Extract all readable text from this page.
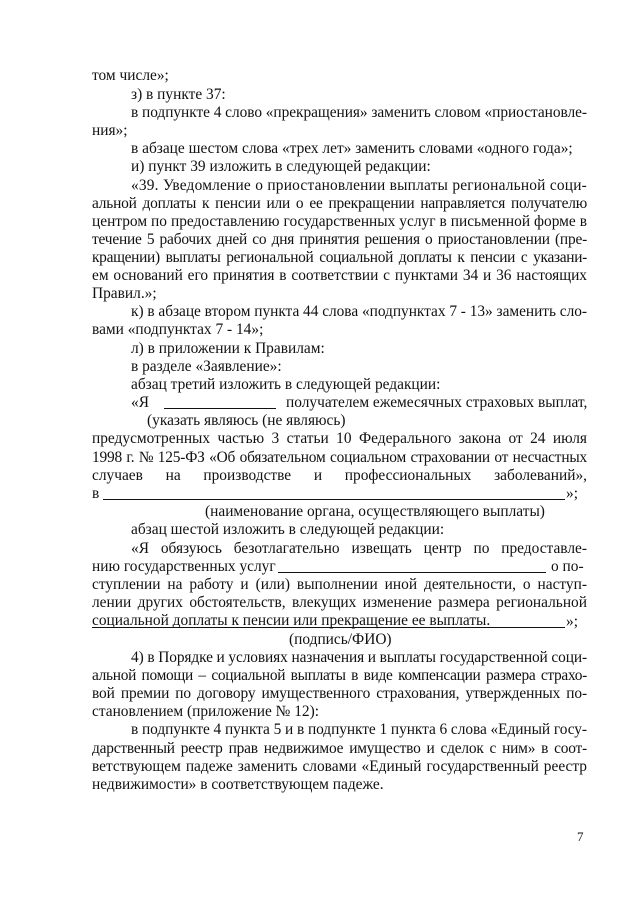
том числе»;
з) в пункте 37:
в подпункте 4 слово «прекращения» заменить словом «приостановле-
ния»;
в абзаце шестом слова «трех лет» заменить словами «одного года»;
и) пункт 39 изложить в следующей редакции:
«39. Уведомление о приостановлении выплаты региональной соци-
альной доплаты к пенсии или о ее прекращении направляется получателю
центром по предоставлению государственных услуг в письменной форме в
течение 5 рабочих дней со дня принятия решения о приостановлении (пре-
кращении) выплаты региональной социальной доплаты к пенсии с указани-
ем оснований его принятия в соответствии с пунктами 34 и 36 настоящих
Правил.»;
к) в абзаце втором пункта 44 слова «подпунктах 7 - 13» заменить сло-
вами «подпунктах 7 - 14»;
л) в приложении к Правилам:
в разделе «Заявление»:
абзац третий изложить в следующей редакции:
«Я	получателем ежемесячных страховых выплат,
(указать являюсь (не являюсь)
предусмотренных частью 3 статьи 10 Федерального закона от 24 июля
1998 г. № 125-ФЗ «Об обязательном социальном страховании от несчастных
случаев на производстве и профессиональных заболеваний»,
в	»;
(наименование органа, осуществляющего выплаты)
абзац шестой изложить в следующей редакции:
«Я обязуюсь безотлагательно извещать центр по предоставле-
нию государственных услуг	о по-
ступлении на работу и (или) выполнении иной деятельности, о наступ-
лении других обстоятельств, влекущих изменение размера региональной
социальной доплаты к пенсии или прекращение ее выплаты.	»;
(подпись/ФИО)
4) в Порядке и условиях назначения и выплаты государственной соци-
альной помощи – социальной выплаты в виде компенсации размера страхо-
вой премии по договору имущественного страхования, утвержденных по-
становлением (приложение № 12):
в подпункте 4 пункта 5 и в подпункте 1 пункта 6 слова «Единый госу-
дарственный реестр прав недвижимое имущество и сделок с ним» в соот-
ветствующем падеже заменить словами «Единый государственный реестр
недвижимости» в соответствующем падеже.
7
